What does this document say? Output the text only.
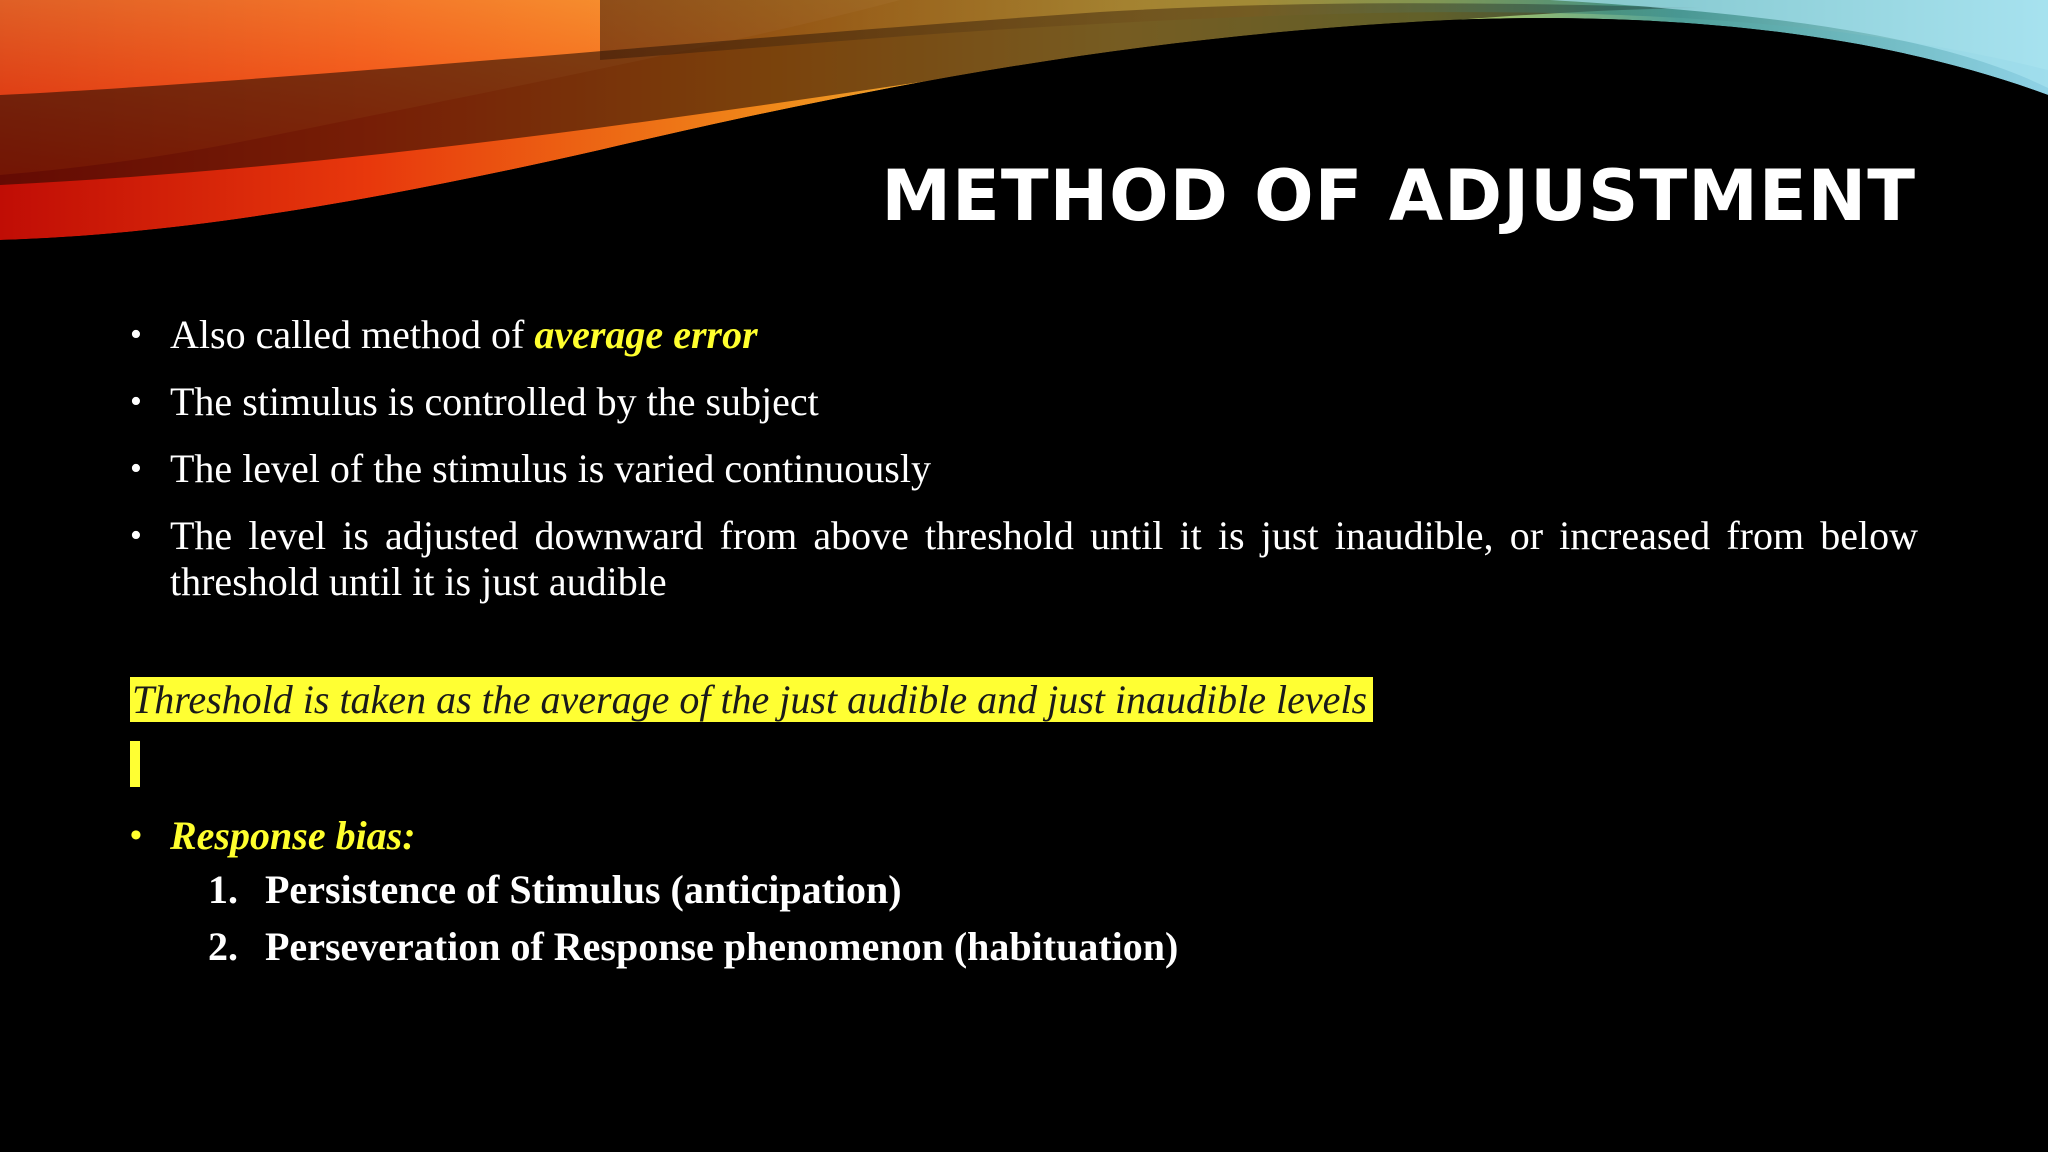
METHOD OF ADJUSTMENT
• Also called method of average error
• The stimulus is controlled by the subject
• The level of the stimulus is varied continuously
• The level is adjusted downward from above threshold until it is just inaudible, or increased from below threshold until it is just audible
Threshold is taken as the average of the just audible and just inaudible levels
• Response bias:
1. Persistence of Stimulus (anticipation)
2. Perseveration of Response phenomenon (habituation)
